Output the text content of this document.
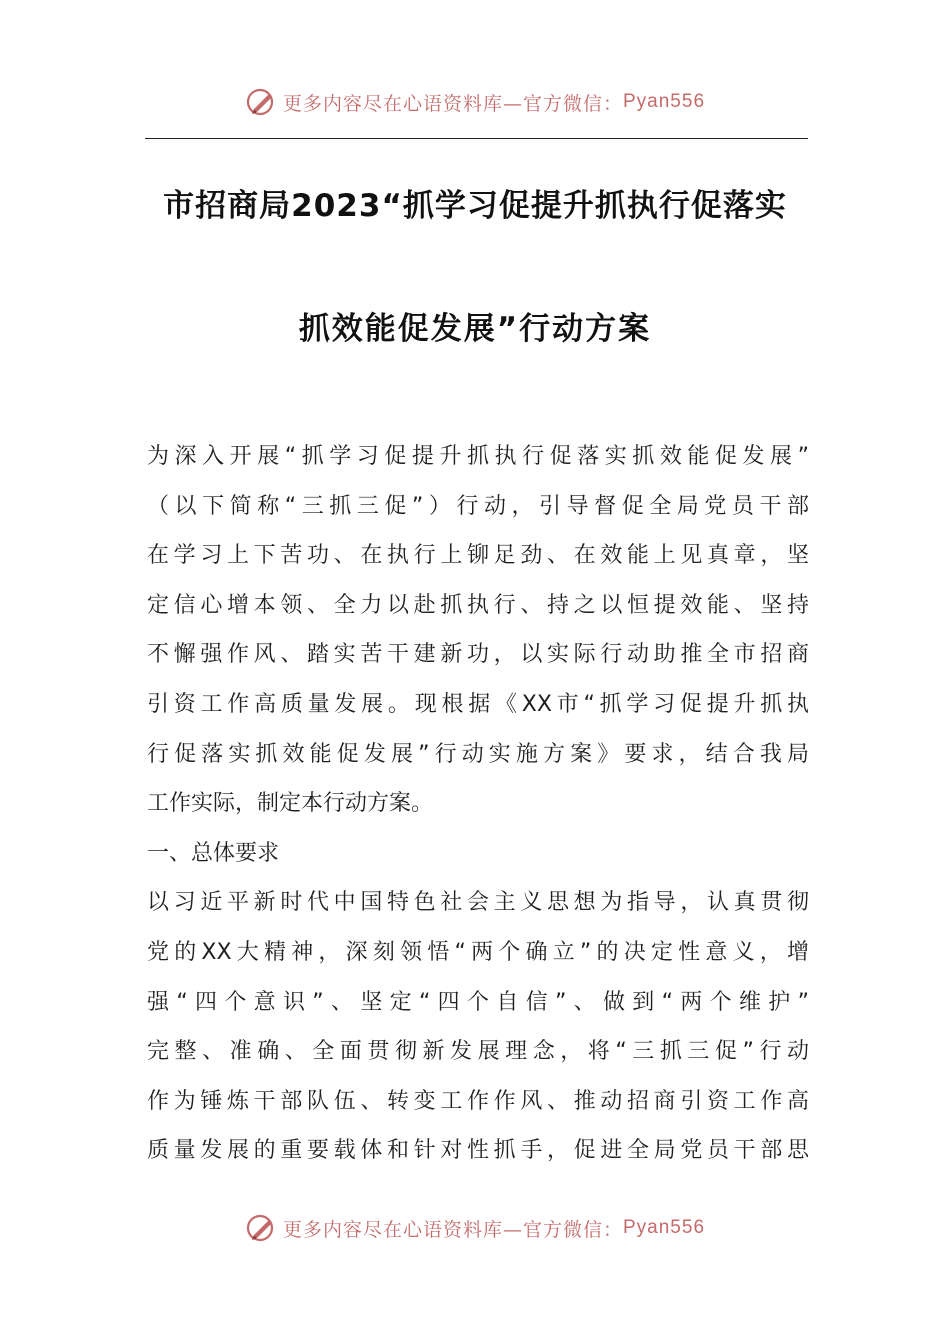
更多内容尽在心语资料库—官方微信： Pyan556
市招商局2023“抓学习促提升抓执行促落实
抓效能促发展”行动方案
为深入开展“抓学习促提升抓执行促落实抓效能促发展”
（以下简称“三抓三促”）行动，引导督促全局党员干部
在学习上下苦功、在执行上铆足劲、在效能上见真章，坚
定信心增本领、全力以赴抓执行、持之以恒提效能、坚持
不懈强作风、踏实苦干建新功，以实际行动助推全市招商
引资工作高质量发展。现根据《XX市“抓学习促提升抓执
行促落实抓效能促发展”行动实施方案》要求，结合我局
工作实际，制定本行动方案。
一、总体要求
以习近平新时代中国特色社会主义思想为指导，认真贯彻
党的XX大精神，深刻领悟“两个确立”的决定性意义，增
强“四个意识”、坚定“四个自信”、做到“两个维护”
完整、准确、全面贯彻新发展理念，将“三抓三促”行动
作为锤炼干部队伍、转变工作作风、推动招商引资工作高
质量发展的重要载体和针对性抓手，促进全局党员干部思
更多内容尽在心语资料库—官方微信： Pyan556
